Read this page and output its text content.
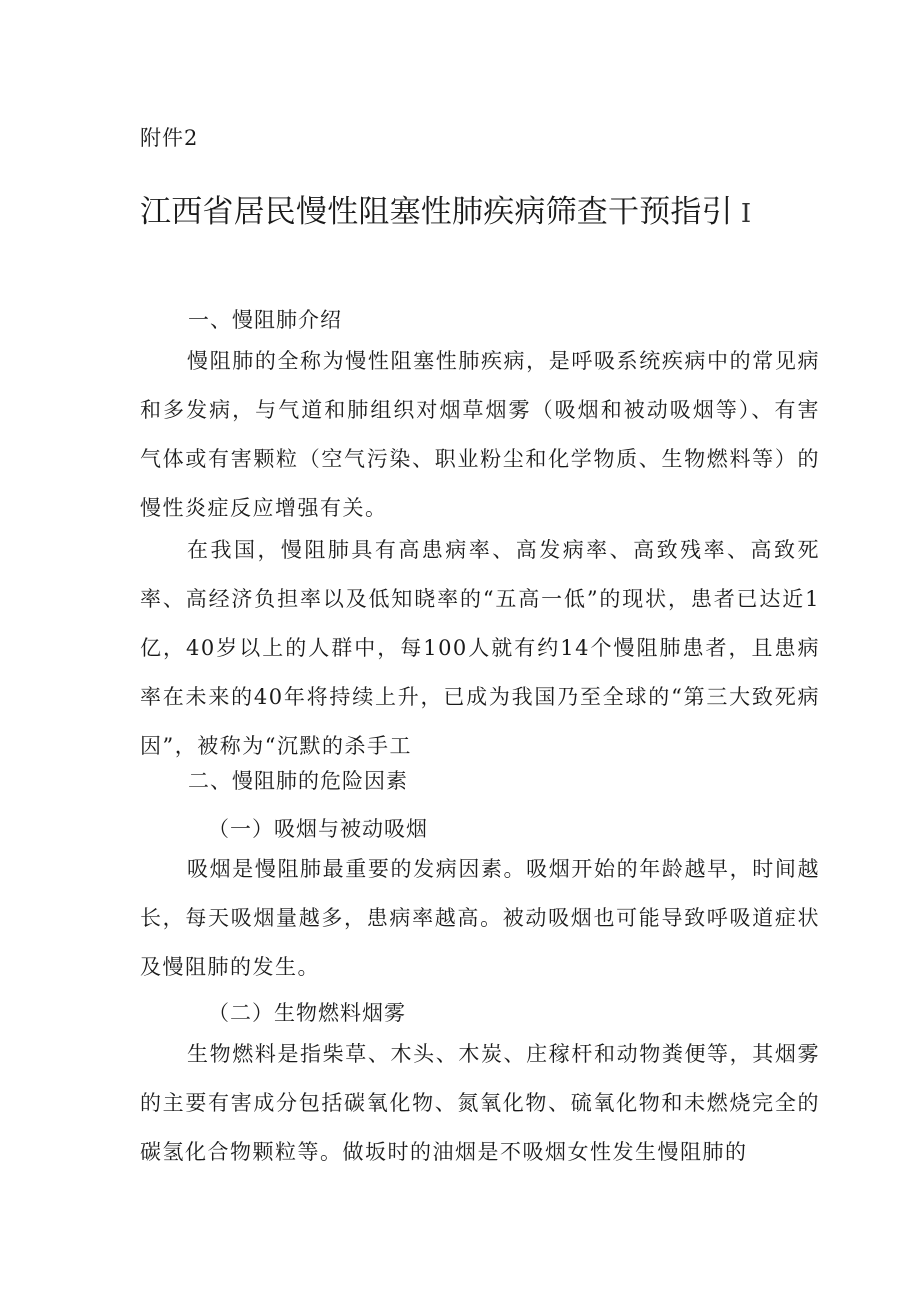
附件2
江西省居民慢性阻塞性肺疾病筛查干预指引 I
一、慢阻肺介绍

慢阻肺的全称为慢性阻塞性肺疾病，是呼吸系统疾病中的常见病和多发病，与气道和肺组织对烟草烟雾（吸烟和被动吸烟等）、有害气体或有害颗粒（空气污染、职业粉尘和化学物质、生物燃料等）的慢性炎症反应增强有关。

在我国，慢阻肺具有高患病率、高发病率、高致残率、高致死率、高经济负担率以及低知晓率的“五高一低”的现状，患者已达近1亿，40岁以上的人群中，每100人就有约14个慢阻肺患者，且患病率在未来的40年将持续上升，已成为我国乃至全球的“第三大致死病因”，被称为“沉默的杀手工

二、慢阻肺的危险因素
（一）吸烟与被动吸烟

吸烟是慢阻肺最重要的发病因素。吸烟开始的年龄越早，时间越长，每天吸烟量越多，患病率越高。被动吸烟也可能导致呼吸道症状及慢阻肺的发生。

（二）生物燃料烟雾

生物燃料是指柴草、木头、木炭、庄稼杆和动物粪便等，其烟雾的主要有害成分包括碳氧化物、氮氧化物、硫氧化物和未燃烧完全的碳氢化合物颗粒等。做坂时的油烟是不吸烟女性发生慢阻肺的
